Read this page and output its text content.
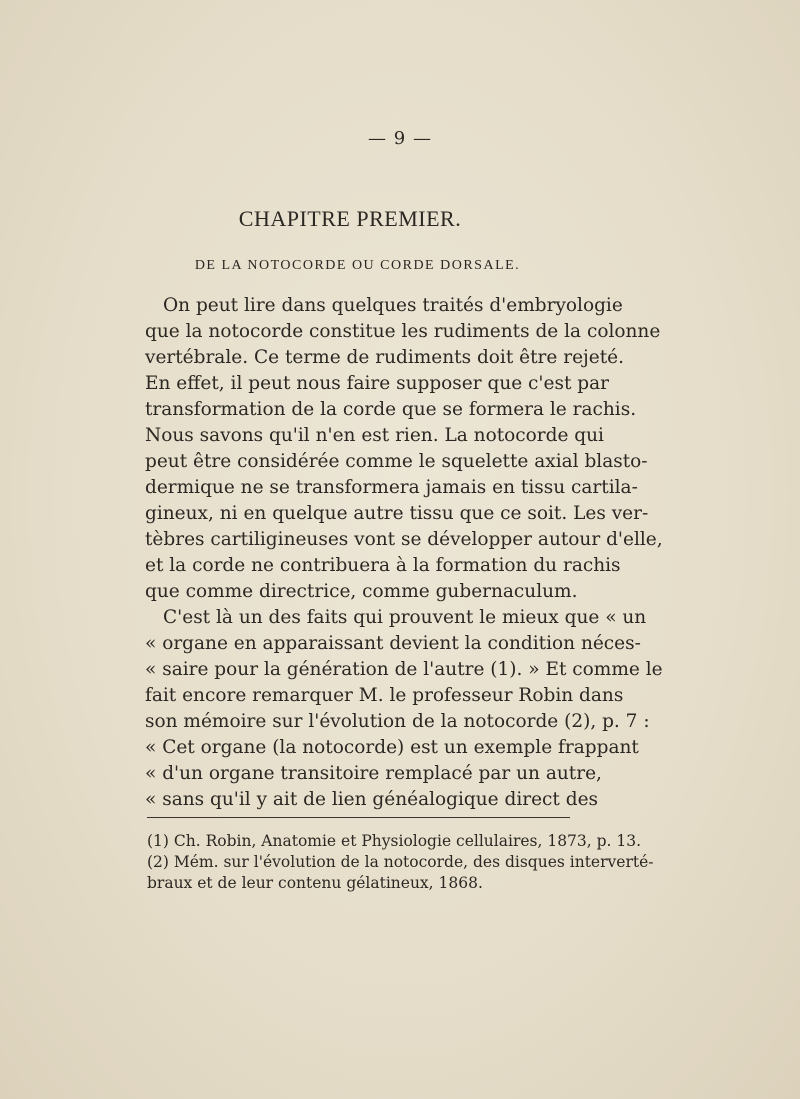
— 9 —
CHAPITRE PREMIER.
DE LA NOTOCORDE OU CORDE DORSALE.
On peut lire dans quelques traités d'embryologie
que la notocorde constitue les rudiments de la colonne
vertébrale. Ce terme de rudiments doit être rejeté.
En effet, il peut nous faire supposer que c'est par
transformation de la corde que se formera le rachis.
Nous savons qu'il n'en est rien. La notocorde qui
peut être considérée comme le squelette axial blasto-
dermique ne se transformera jamais en tissu cartila-
gineux, ni en quelque autre tissu que ce soit. Les ver-
tèbres cartiligineuses vont se développer autour d'elle,
et la corde ne contribuera à la formation du rachis
que comme directrice, comme gubernaculum.
C'est là un des faits qui prouvent le mieux que « un
« organe en apparaissant devient la condition néces-
« saire pour la génération de l'autre (1). » Et comme le
fait encore remarquer M. le professeur Robin dans
son mémoire sur l'évolution de la notocorde (2), p. 7 :
« Cet organe (la notocorde) est un exemple frappant
« d'un organe transitoire remplacé par un autre,
« sans qu'il y ait de lien généalogique direct des
(1) Ch. Robin, Anatomie et Physiologie cellulaires, 1873, p. 13.
(2) Mém. sur l'évolution de la notocorde, des disques interverté-
braux et de leur contenu gélatineux, 1868.
